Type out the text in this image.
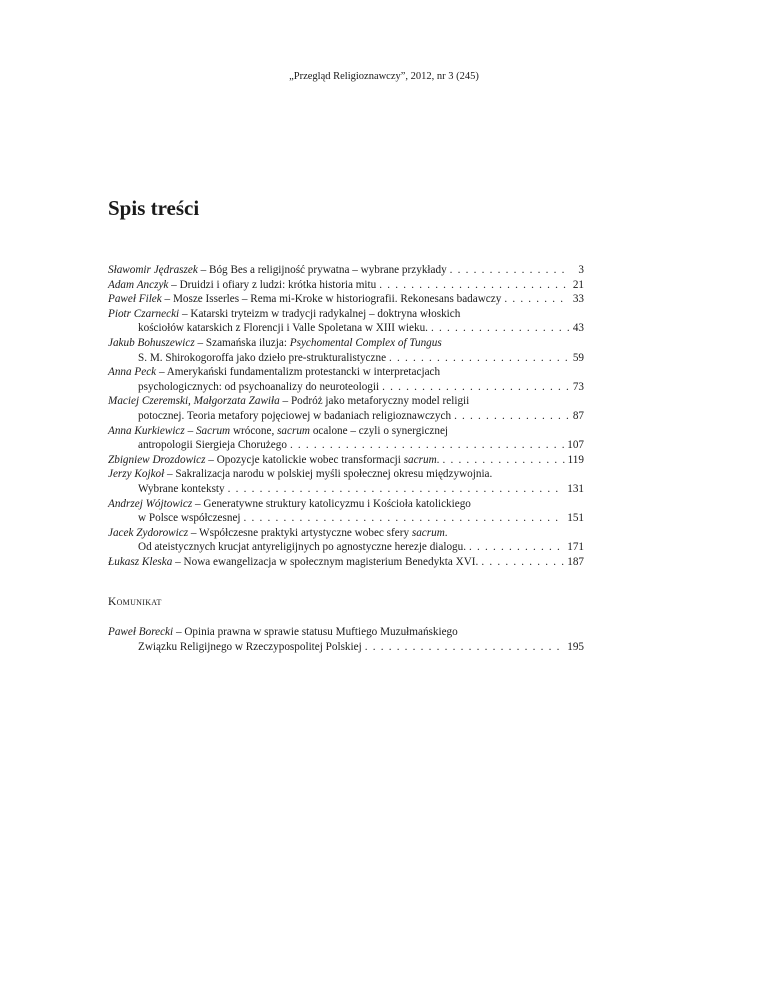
„Przegląd Religioznawczy”, 2012, nr 3 (245)
Spis treści
Sławomir Jędraszek – Bóg Bes a religijność prywatna – wybrane przykłady . . .	3
Adam Anczyk – Druidzi i ofiary z ludzi: krótka historia mitu . . .	21
Paweł Filek – Mosze Isserles – Rema mi-Kroke w historiografii. Rekonesans badawczy . . .	33
Piotr Czarnecki – Katarski tryteizm w tradycji radykalnej – doktryna włoskich
kościołów katarskich z Florencji i Valle Spoletana w XIII wieku. . . .	43
Jakub Bohuszewicz – Szamańska iluzja: Psychomental Complex of Tungus
S. M. Shirokogoroffa jako dzieło pre-strukturalistyczne . . .	59
Anna Peck – Amerykański fundamentalizm protestancki w interpretacjach
psychologicznych: od psychoanalizy do neuroteologii . . .	73
Maciej Czeremski, Małgorzata Zawiła – Podróż jako metaforyczny model religii
potocznej. Teoria metafory pojęciowej w badaniach religioznawczych . . .	87
Anna Kurkiewicz – Sacrum wrócone, sacrum ocalone – czyli o synergicznej
antropologii Siergieja Chorużego . . .	107
Zbigniew Drozdowicz – Opozycje katolickie wobec transformacji sacrum. . . .	119
Jerzy Kojkoł – Sakralizacja narodu w polskiej myśli społecznej okresu międzywojnia.
Wybrane konteksty . . .	131
Andrzej Wójtowicz – Generatywne struktury katolicyzmu i Kościoła katolickiego
w Polsce współczesnej . . .	151
Jacek Zydorowicz – Współczesne praktyki artystyczne wobec sfery sacrum.
Od ateistycznych krucjat antyreligijnych po agnostyczne herezje dialogu. . . .	171
Łukasz Kleska – Nowa ewangelizacja w społecznym magisterium Benedykta XVI. . . .	187
Komunikat
Paweł Borecki – Opinia prawna w sprawie statusu Muftiego Muzułmańskiego
Związku Religijnego w Rzeczypospolitej Polskiej . . .	195
